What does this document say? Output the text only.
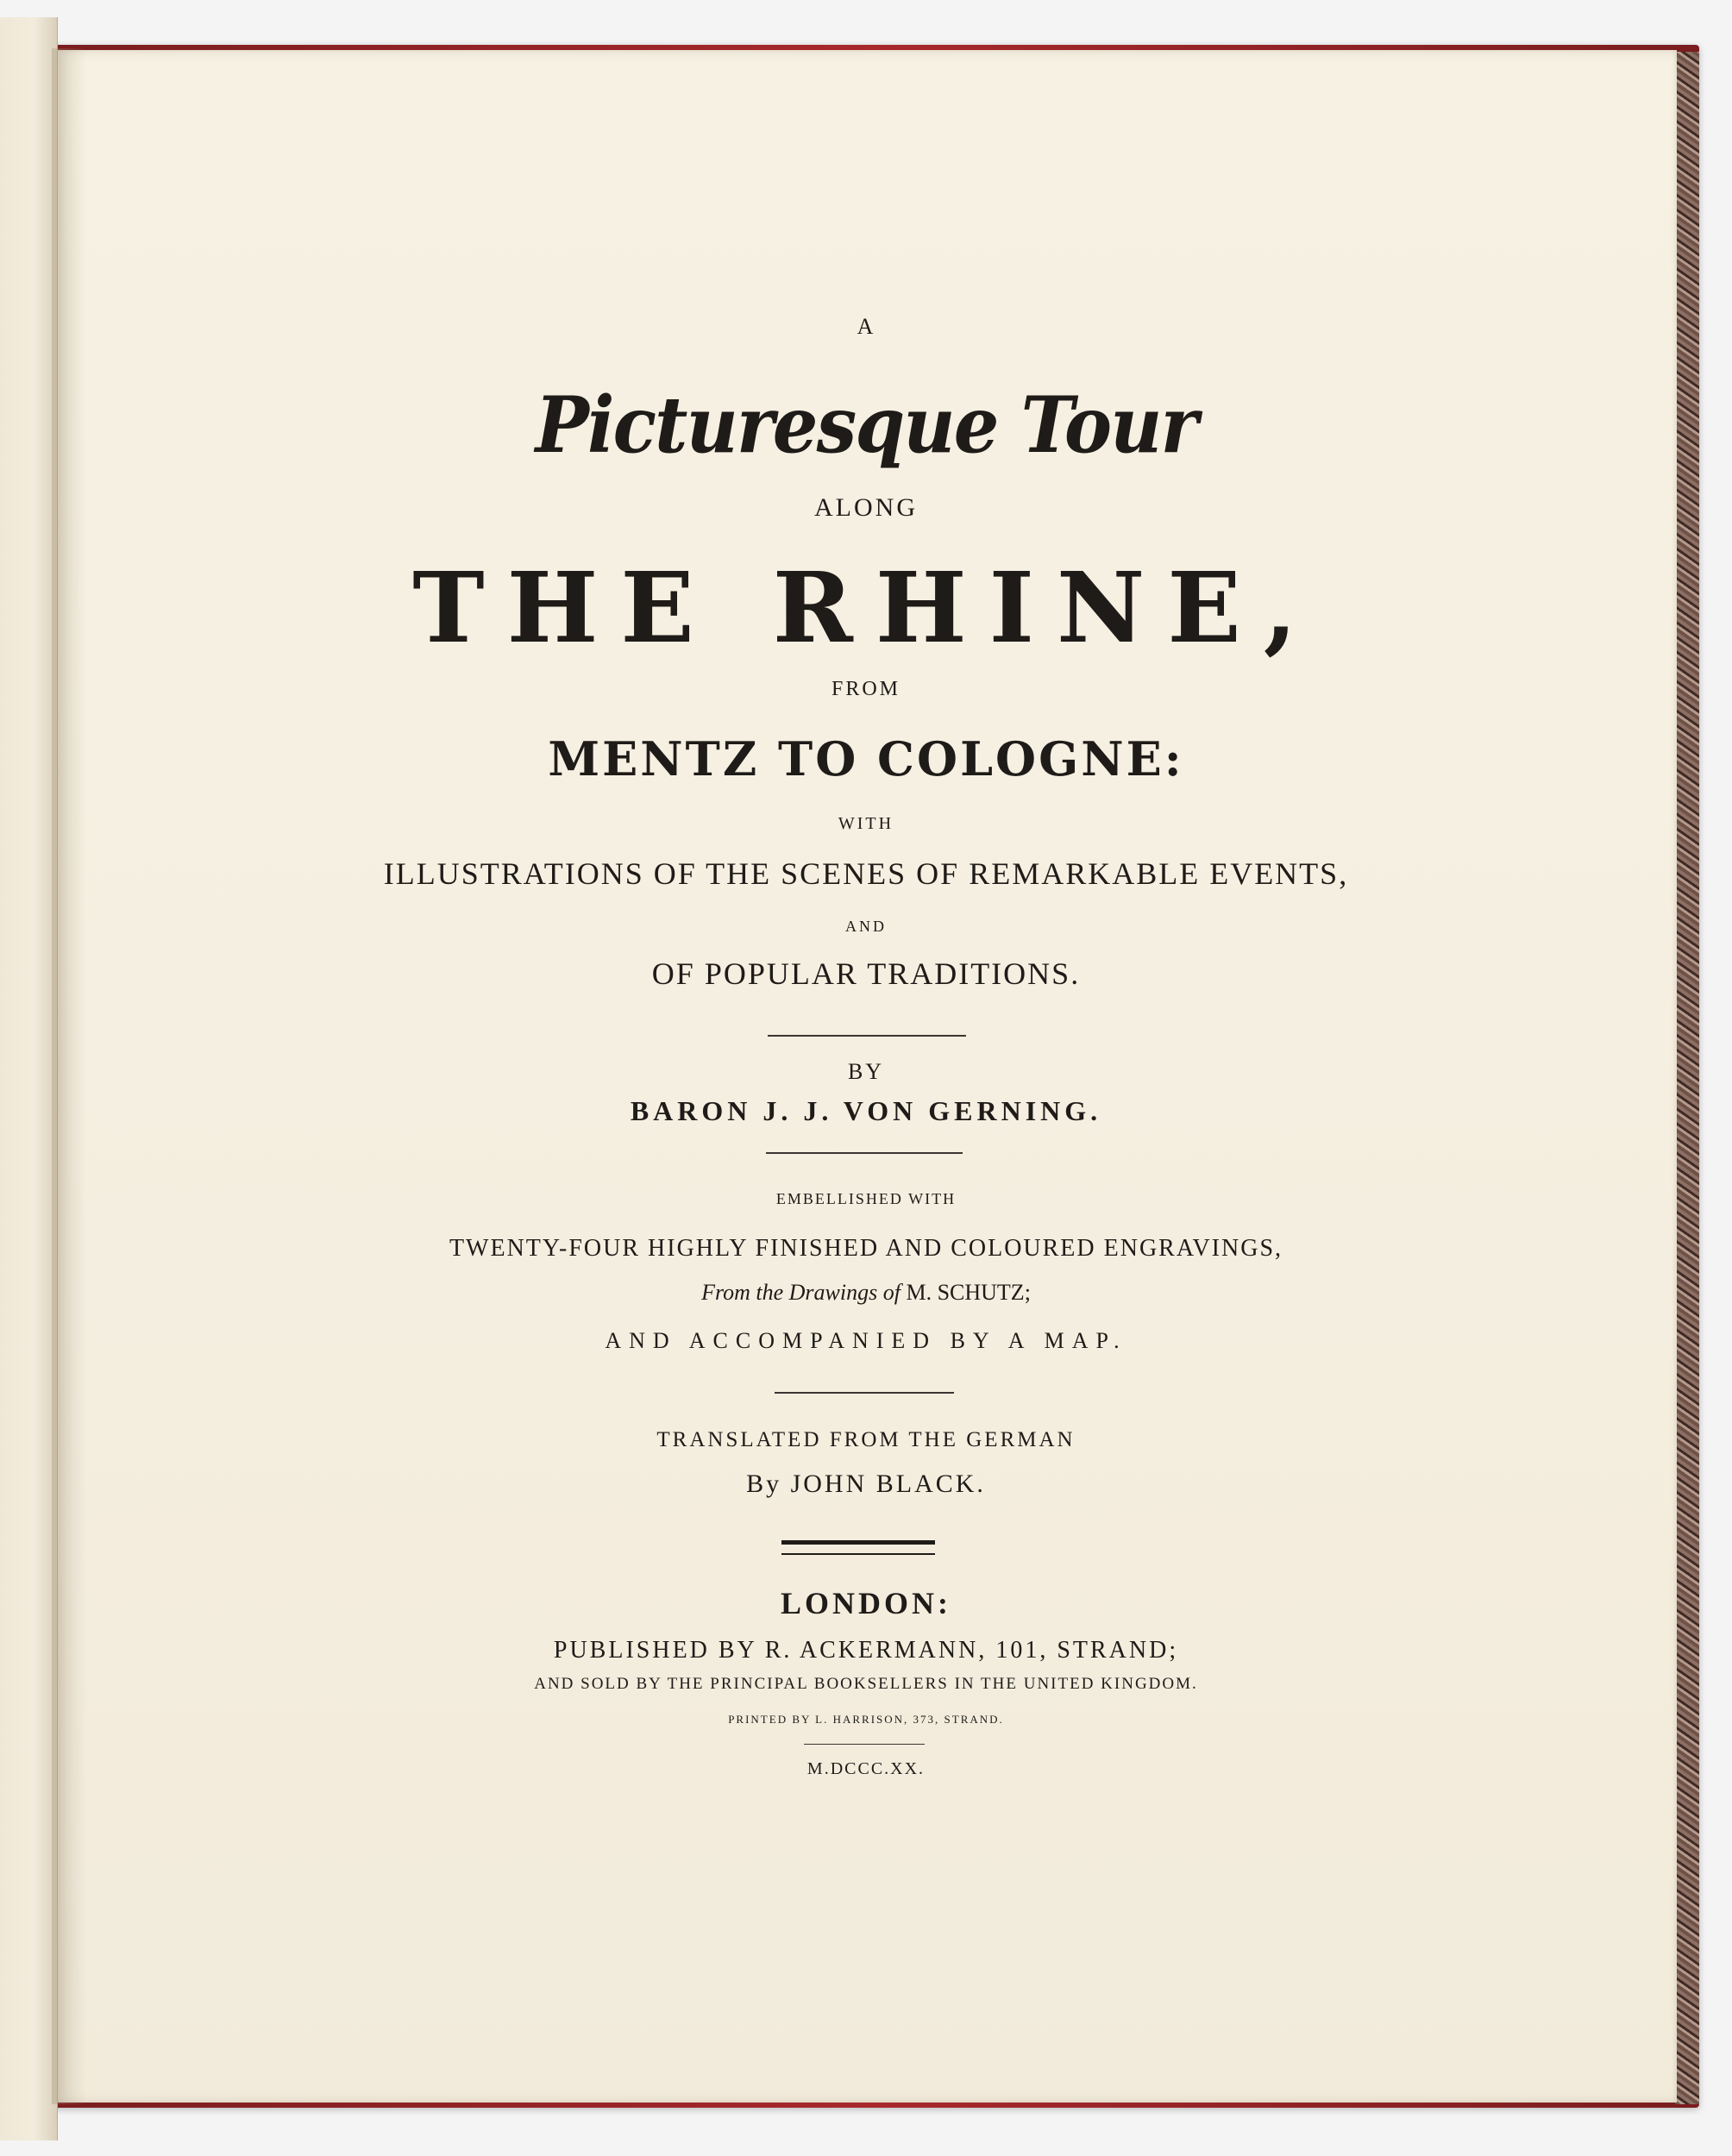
A
Picturesque Tour
ALONG
THE RHINE,
FROM
MENTZ TO COLOGNE:
WITH
ILLUSTRATIONS OF THE SCENES OF REMARKABLE EVENTS,
AND
OF POPULAR TRADITIONS.
BY
BARON J. J. VON GERNING.
EMBELLISHED WITH
TWENTY-FOUR HIGHLY FINISHED AND COLOURED ENGRAVINGS,
From the Drawings of M. SCHUTZ;
AND ACCOMPANIED BY A MAP.
TRANSLATED FROM THE GERMAN
By JOHN BLACK.
LONDON:
PUBLISHED BY R. ACKERMANN, 101, STRAND;
AND SOLD BY THE PRINCIPAL BOOKSELLERS IN THE UNITED KINGDOM.
PRINTED BY L. HARRISON, 373, STRAND.
M.DCCC.XX.
